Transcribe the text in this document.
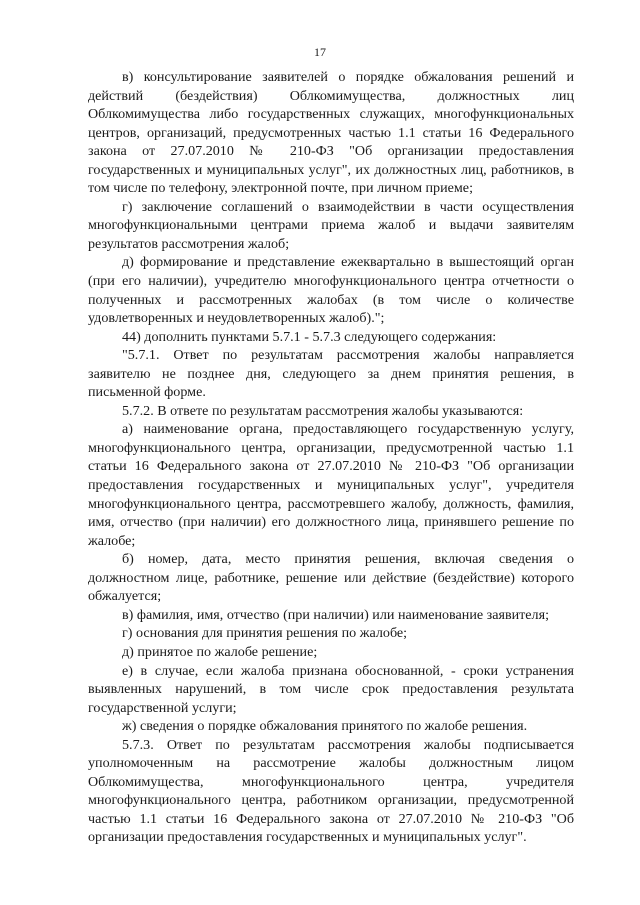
17

в) консультирование заявителей о порядке обжалования решений и действий (бездействия) Облкомимущества, должностных лиц Облкомимущества либо государственных служащих, многофункциональных центров, организаций, предусмотренных частью 1.1 статьи 16 Федерального закона от 27.07.2010 № 210-ФЗ "Об организации предоставления государственных и муниципальных услуг", их должностных лиц, работников, в том числе по телефону, электронной почте, при личном приеме;

г) заключение соглашений о взаимодействии в части осуществления многофункциональными центрами приема жалоб и выдачи заявителям результатов рассмотрения жалоб;

д) формирование и представление ежеквартально в вышестоящий орган (при его наличии), учредителю многофункционального центра отчетности о полученных и рассмотренных жалобах (в том числе о количестве удовлетворенных и неудовлетворенных жалоб).";

44) дополнить пунктами 5.7.1 - 5.7.3 следующего содержания:

"5.7.1. Ответ по результатам рассмотрения жалобы направляется заявителю не позднее дня, следующего за днем принятия решения, в письменной форме.

5.7.2. В ответе по результатам рассмотрения жалобы указываются:

а) наименование органа, предоставляющего государственную услугу, многофункционального центра, организации, предусмотренной частью 1.1 статьи 16 Федерального закона от 27.07.2010 № 210-ФЗ "Об организации предоставления государственных и муниципальных услуг", учредителя многофункционального центра, рассмотревшего жалобу, должность, фамилия, имя, отчество (при наличии) его должностного лица, принявшего решение по жалобе;

б) номер, дата, место принятия решения, включая сведения о должностном лице, работнике, решение или действие (бездействие) которого обжалуется;

в) фамилия, имя, отчество (при наличии) или наименование заявителя;

г) основания для принятия решения по жалобе;

д) принятое по жалобе решение;

е) в случае, если жалоба признана обоснованной, - сроки устранения выявленных нарушений, в том числе срок предоставления результата государственной услуги;

ж) сведения о порядке обжалования принятого по жалобе решения.

5.7.3. Ответ по результатам рассмотрения жалобы подписывается уполномоченным на рассмотрение жалобы должностным лицом Облкомимущества, многофункционального центра, учредителя многофункционального центра, работником организации, предусмотренной частью 1.1 статьи 16 Федерального закона от 27.07.2010 № 210-ФЗ "Об организации предоставления государственных и муниципальных услуг".
